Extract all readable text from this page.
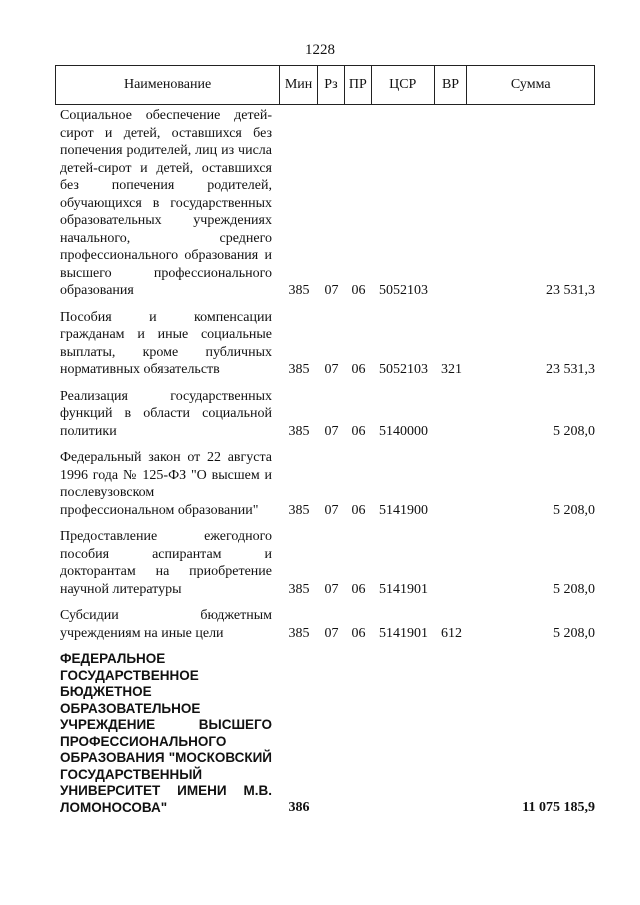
1228
Наименование	Мин Рз ПР	ЦСР	ВР	Сумма
Социальное обеспечение детей-сирот и детей, оставшихся без попечения родителей, лиц из числа детей-сирот и детей, оставшихся без попечения родителей, обучающихся в государственных образовательных учреждениях начального, среднего профессионального образования и высшего профессионального образования	385	07 06 5052103	23 531,3
Пособия и компенсации гражданам и иные социальные выплаты, кроме публичных нормативных обязательств	385	07 06 5052103 321	23 531,3
Реализация государственных функций в области социальной политики	385	07 06 5140000	5 208,0
Федеральный закон от 22 августа 1996 года № 125-ФЗ "О высшем и послевузовском профессиональном образовании"	385	07 06 5141900	5 208,0
Предоставление ежегодного пособия аспирантам и докторантам на приобретение научной литературы	385	07 06 5141901	5 208,0
Субсидии бюджетным учреждениям на иные цели	385	07 06 5141901 612	5 208,0
ФЕДЕРАЛЬНОЕ ГОСУДАРСТВЕННОЕ БЮДЖЕТНОЕ ОБРАЗОВАТЕЛЬНОЕ УЧРЕЖДЕНИЕ ВЫСШЕГО ПРОФЕССИОНАЛЬНОГО ОБРАЗОВАНИЯ "МОСКОВСКИЙ ГОСУДАРСТВЕННЫЙ УНИВЕРСИТЕТ ИМЕНИ М.В. ЛОМОНОСОВА"	386	11 075 185,9
